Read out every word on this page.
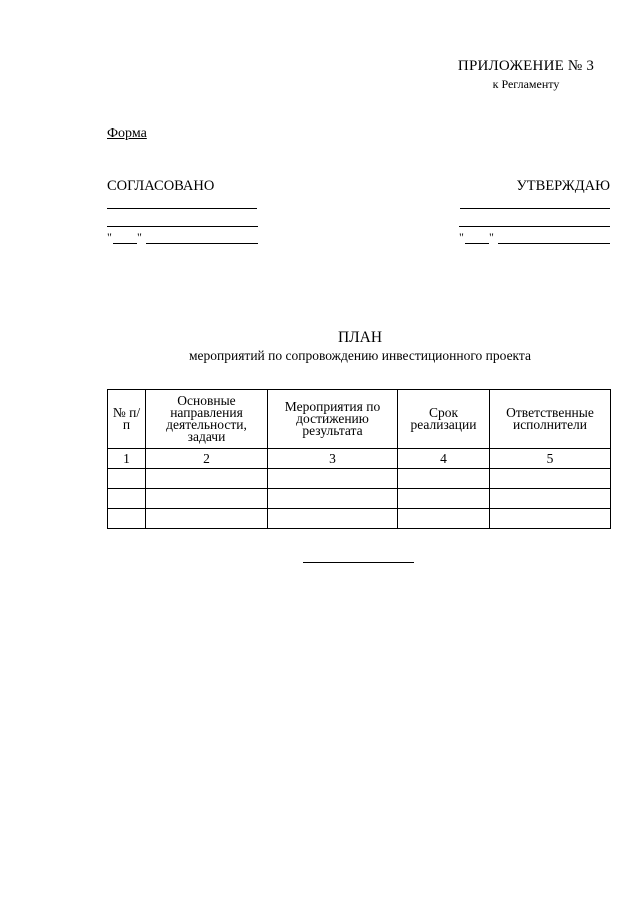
ПРИЛОЖЕНИЕ № 3
к Регламенту
Форма
СОГЛАСОВАНО	УТВЕРЖДАЮ
" "	" "
ПЛАН
мероприятий по сопровождению инвестиционного проекта
№ п/п	Основные направления деятельности, задачи	Мероприятия по достижению результата	Срок реализации	Ответственные исполнители
1	2	3	4	5
